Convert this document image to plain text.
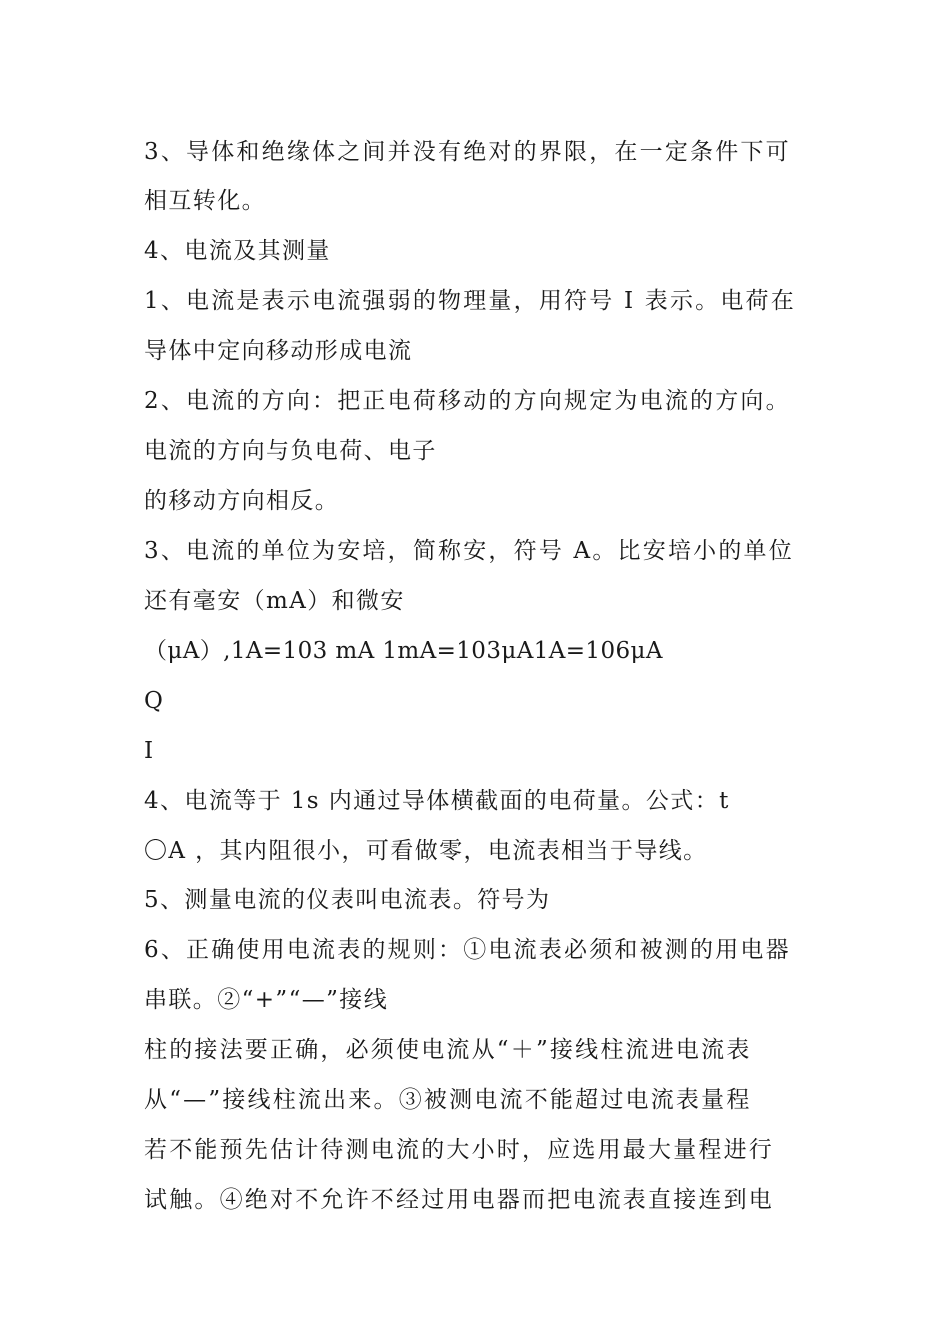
3、导体和绝缘体之间并没有绝对的界限，在一定条件下可
相互转化。
4、电流及其测量
1、电流是表示电流强弱的物理量，用符号 I 表示。电荷在
导体中定向移动形成电流
2、电流的方向：把正电荷移动的方向规定为电流的方向。
电流的方向与负电荷、电子
的移动方向相反。
3、电流的单位为安培，简称安，符号 A。比安培小的单位
还有毫安（mA）和微安
（μA）,1A=103 mA 1mA=103μA1A=106μA
Q
I
4、电流等于 1s 内通过导体横截面的电荷量。公式：t
〇A ，其内阻很小，可看做零，电流表相当于导线。
5、测量电流的仪表叫电流表。符号为
6、正确使用电流表的规则：①电流表必须和被测的用电器
串联。②“+”“—”接线
柱的接法要正确，必须使电流从“＋”接线柱流进电流表
从“—”接线柱流出来。③被测电流不能超过电流表量程
若不能预先估计待测电流的大小时，应选用最大量程进行
试触。④绝对不允许不经过用电器而把电流表直接连到电
